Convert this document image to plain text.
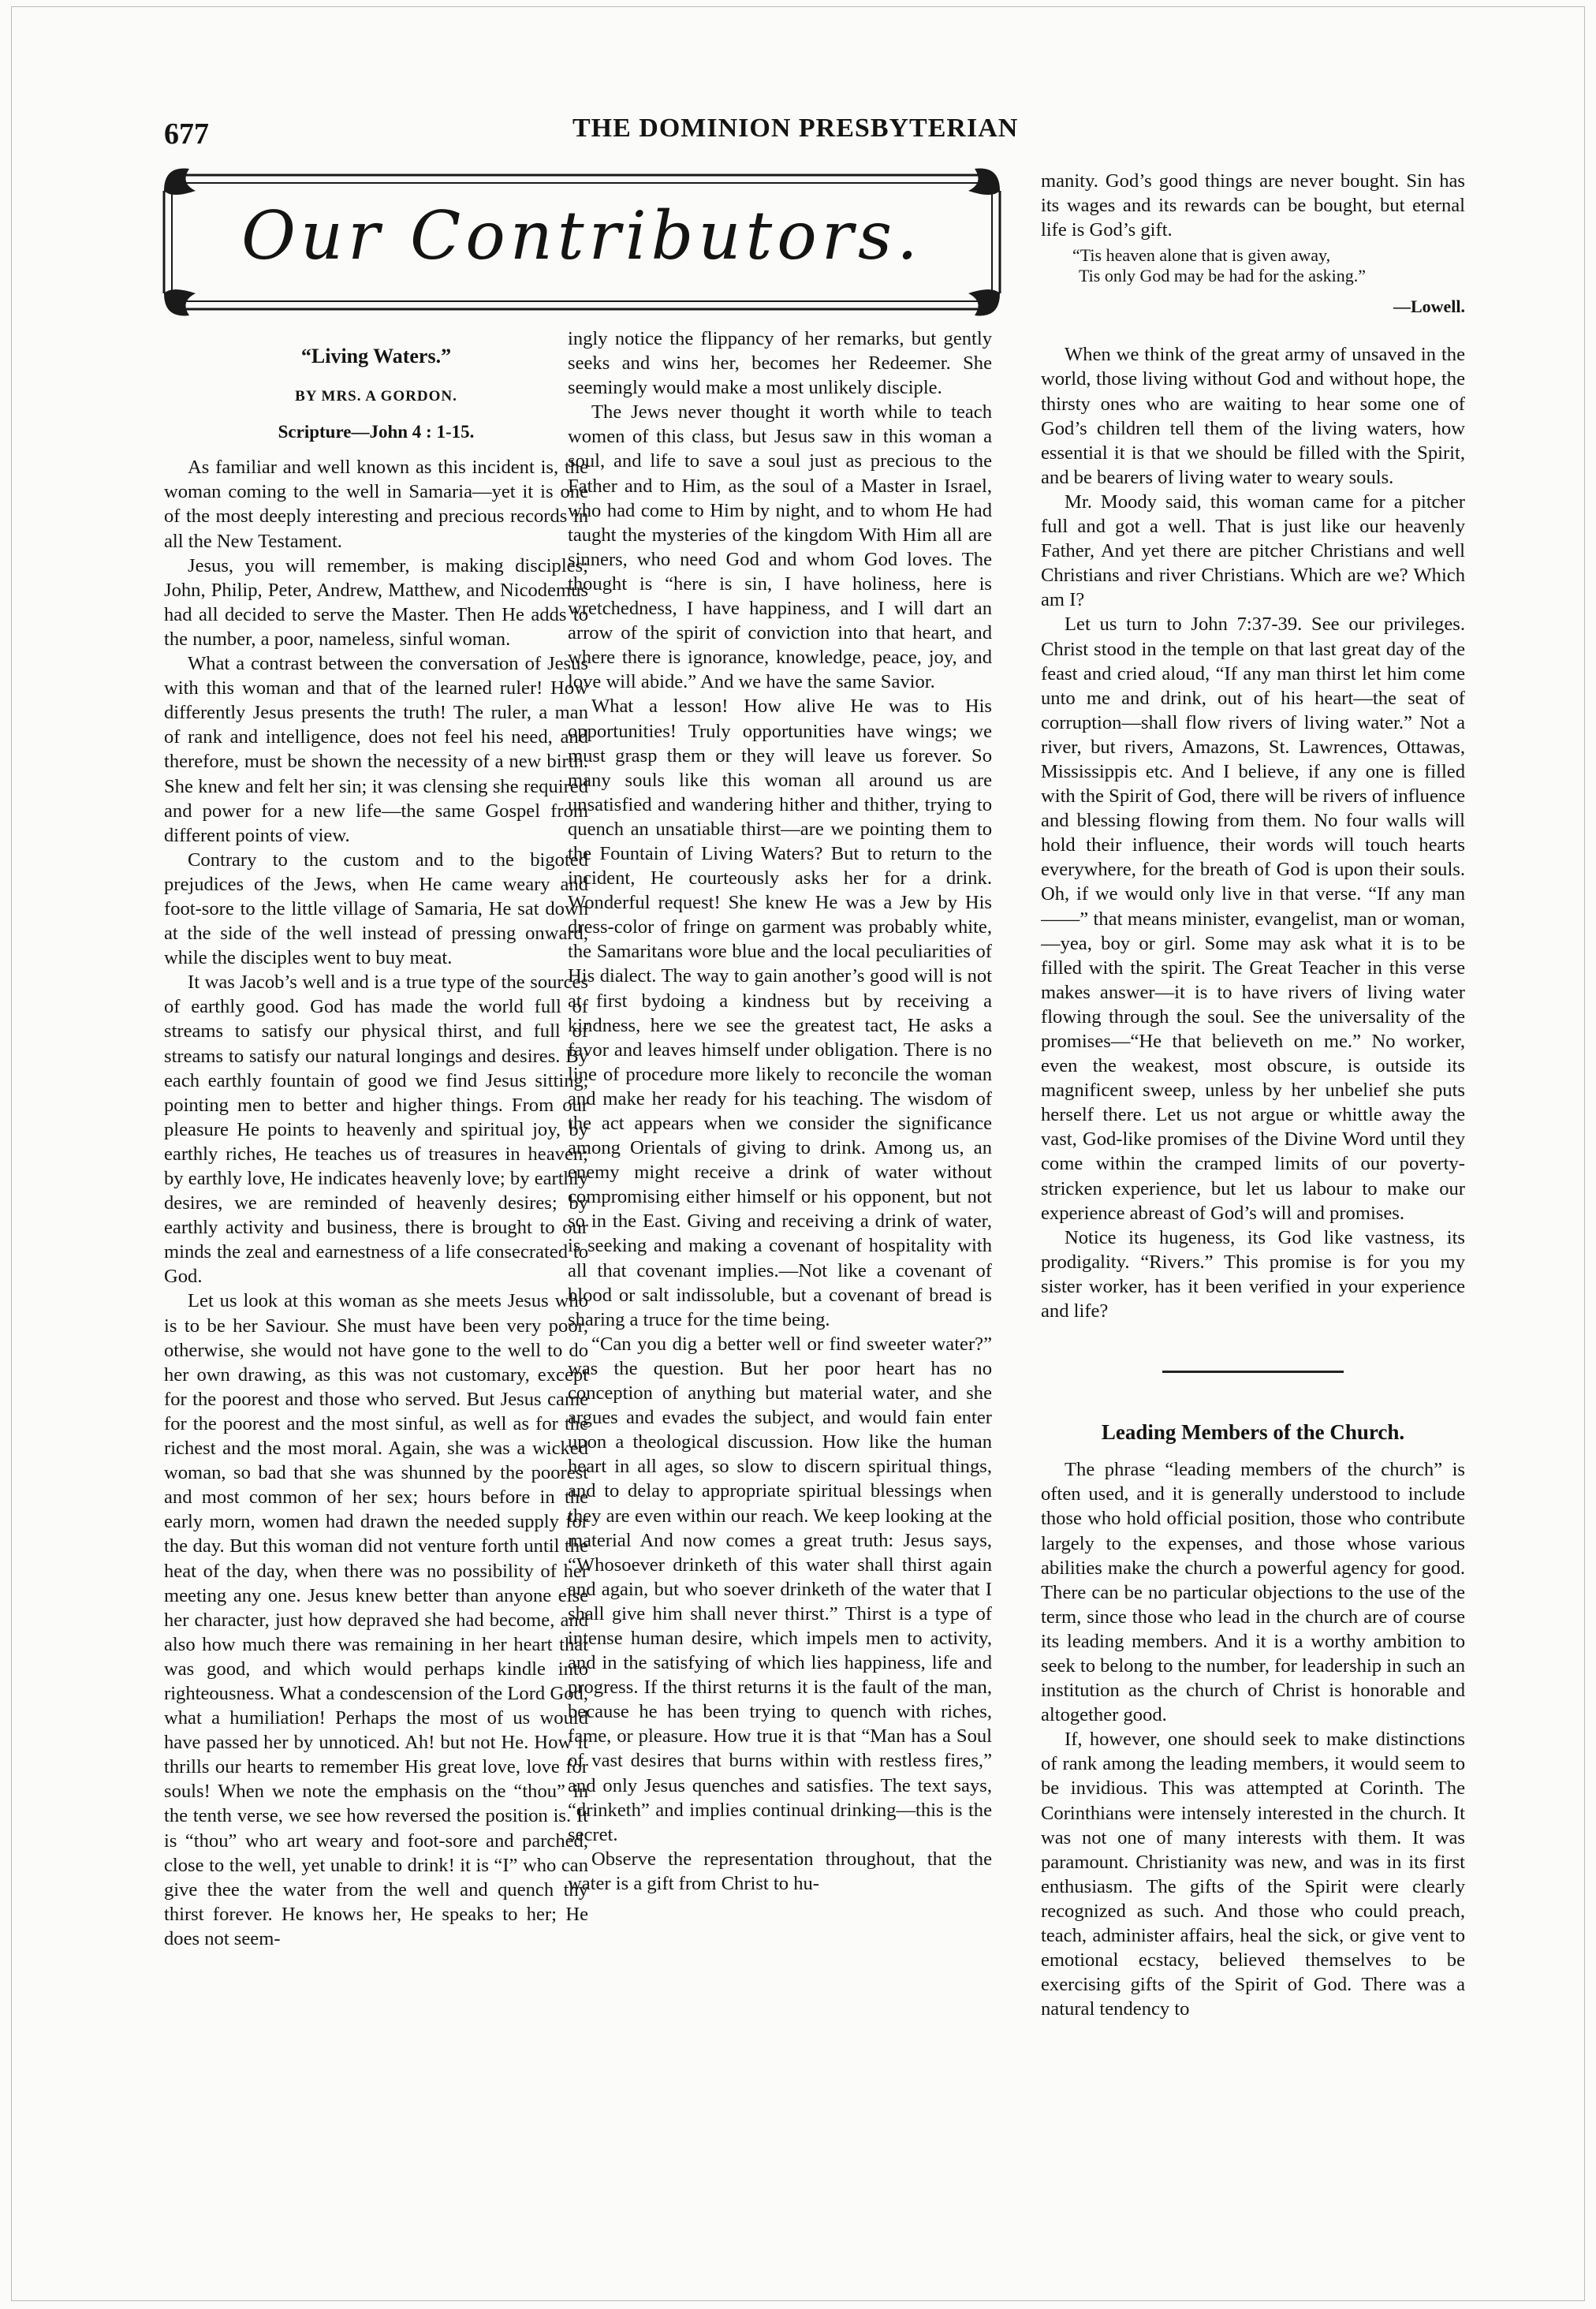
677	THE DOMINION PRESBYTERIAN
Our Contributors.
“Living Waters.”
BY MRS. A GORDON.
Scripture—John 4 : 1-15.

As familiar and well known as this incident is, the woman coming to the well in Samaria—yet it is one of the most deeply interesting and precious records in all the New Testament.

Jesus, you will remember, is making disciples; John, Philip, Peter, Andrew, Matthew, and Nicodemus had all decided to serve the Master. Then He adds to the number, a poor, nameless, sinful woman.

What a contrast between the conversation of Jesus with this woman and that of the learned ruler! How differently Jesus presents the truth! The ruler, a man of rank and intelligence, does not feel his need, and therefore, must be shown the necessity of a new birth. She knew and felt her sin; it was clensing she required and power for a new life—the same Gospel from different points of view.

Contrary to the custom and to the bigoted prejudices of the Jews, when He came weary and foot-sore to the little village of Samaria, He sat down at the side of the well instead of pressing onward, while the disciples went to buy meat.

It was Jacob’s well and is a true type of the sources of earthly good. God has made the world full of streams to satisfy our physical thirst, and full of streams to satisfy our natural longings and desires. By each earthly fountain of good we find Jesus sitting, pointing men to better and higher things. From our pleasure He points to heavenly and spiritual joy, by earthly riches, He teaches us of treasures in heaven; by earthly love, He indicates heavenly love; by earthly desires, we are reminded of heavenly desires; by earthly activity and business, there is brought to our minds the zeal and earnestness of a life consecrated to God.

Let us look at this woman as she meets Jesus who is to be her Saviour. She must have been very poor, otherwise, she would not have gone to the well to do her own drawing, as this was not customary, except for the poorest and those who served. But Jesus came for the poorest and the most sinful, as well as for the richest and the most moral. Again, she was a wicked woman, so bad that she was shunned by the poorest and most common of her sex; hours before in the early morn, women had drawn the needed supply for the day. But this woman did not venture forth until the heat of the day, when there was no possibility of her meeting any one. Jesus knew better than anyone else her character, just how depraved she had become, and also how much there was remaining in her heart that was good, and which would perhaps kindle into righteousness. What a condescension of the Lord God, what a humiliation! Perhaps the most of us would have passed her by unnoticed. Ah! but not He. How it thrills our hearts to remember His great love, love for souls! When we note the emphasis on the “thou” in the tenth verse, we see how reversed the position is. It is “thou” who art weary and foot-sore and parched, close to the well, yet unable to drink! it is “I” who can give thee the water from the well and quench thy thirst forever. He knows her, He speaks to her; He does not seem-

ingly notice the flippancy of her remarks, but gently seeks and wins her, becomes her Redeemer. She seemingly would make a most unlikely disciple.

The Jews never thought it worth while to teach women of this class, but Jesus saw in this woman a soul, and life to save a soul just as precious to the Father and to Him, as the soul of a Master in Israel, who had come to Him by night, and to whom He had taught the mysteries of the kingdom With Him all are sinners, who need God and whom God loves. The thought is “here is sin, I have holiness, here is wretchedness, I have happiness, and I will dart an arrow of the spirit of conviction into that heart, and where there is ignorance, knowledge, peace, joy, and love will abide.” And we have the same Savior.

What a lesson! How alive He was to His opportunities! Truly opportunities have wings; we must grasp them or they will leave us forever. So many souls like this woman all around us are unsatisfied and wandering hither and thither, trying to quench an unsatiable thirst—are we pointing them to the Fountain of Living Waters? But to return to the incident, He courteously asks her for a drink. Wonderful request! She knew He was a Jew by His dress-color of fringe on garment was probably white, the Samaritans wore blue and the local peculiarities of His dialect. The way to gain another’s good will is not at first bydoing a kindness but by receiving a kindness, here we see the greatest tact, He asks a favor and leaves himself under obligation. There is no line of procedure more likely to reconcile the woman and make her ready for his teaching. The wisdom of the act appears when we consider the significance among Orientals of giving to drink. Among us, an enemy might receive a drink of water without compromising either himself or his opponent, but not so in the East. Giving and receiving a drink of water, is seeking and making a covenant of hospitality with all that covenant implies.—Not like a covenant of blood or salt indissoluble, but a covenant of bread is sharing a truce for the time being.

“Can you dig a better well or find sweeter water?” was the question. But her poor heart has no conception of anything but material water, and she argues and evades the subject, and would fain enter upon a theological discussion. How like the human heart in all ages, so slow to discern spiritual things, and to delay to appropriate spiritual blessings when they are even within our reach. We keep looking at the material And now comes a great truth: Jesus says, “Whosoever drinketh of this water shall thirst again and again, but who soever drinketh of the water that I shall give him shall never thirst.” Thirst is a type of intense human desire, which impels men to activity, and in the satisfying of which lies happiness, life and progress. If the thirst returns it is the fault of the man, because he has been trying to quench with riches, fame, or pleasure. How true it is that “Man has a Soul of vast desires that burns within with restless fires,” and only Jesus quenches and satisfies. The text says, “drinketh” and implies continual drinking—this is the secret.

Observe the representation throughout, that the water is a gift from Christ to hu-

manity. God’s good things are never bought. Sin has its wages and its rewards can be bought, but eternal life is God’s gift.

“Tis heaven alone that is given away,
Tis only God may be had for the asking.”
—Lowell.

When we think of the great army of unsaved in the world, those living without God and without hope, the thirsty ones who are waiting to hear some one of God’s children tell them of the living waters, how essential it is that we should be filled with the Spirit, and be bearers of living water to weary souls.

Mr. Moody said, this woman came for a pitcher full and got a well. That is just like our heavenly Father, And yet there are pitcher Christians and well Christians and river Christians. Which are we? Which am I?

Let us turn to John 7:37-39. See our privileges. Christ stood in the temple on that last great day of the feast and cried aloud, “If any man thirst let him come unto me and drink, out of his heart—the seat of corruption—shall flow rivers of living water.” Not a river, but rivers, Amazons, St. Lawrences, Ottawas, Mississippis etc. And I believe, if any one is filled with the Spirit of God, there will be rivers of influence and blessing flowing from them. No four walls will hold their influence, their words will touch hearts everywhere, for the breath of God is upon their souls. Oh, if we would only live in that verse. “If any man——” that means minister, evangelist, man or woman,—yea, boy or girl. Some may ask what it is to be filled with the spirit. The Great Teacher in this verse makes answer—it is to have rivers of living water flowing through the soul. See the universality of the promises—“He that believeth on me.” No worker, even the weakest, most obscure, is outside its magnificent sweep, unless by her unbelief she puts herself there. Let us not argue or whittle away the vast, God-like promises of the Divine Word until they come within the cramped limits of our poverty-stricken experience, but let us labour to make our experience abreast of God’s will and promises.

Notice its hugeness, its God like vastness, its prodigality. “Rivers.” This promise is for you my sister worker, has it been verified in your experience and life?

Leading Members of the Church.

The phrase “leading members of the church” is often used, and it is generally understood to include those who hold official position, those who contribute largely to the expenses, and those whose various abilities make the church a powerful agency for good. There can be no particular objections to the use of the term, since those who lead in the church are of course its leading members. And it is a worthy ambition to seek to belong to the number, for leadership in such an institution as the church of Christ is honorable and altogether good.

If, however, one should seek to make distinctions of rank among the leading members, it would seem to be invidious. This was attempted at Corinth. The Corinthians were intensely interested in the church. It was not one of many interests with them. It was paramount. Christianity was new, and was in its first enthusiasm. The gifts of the Spirit were clearly recognized as such. And those who could preach, teach, administer affairs, heal the sick, or give vent to emotional ecstacy, believed themselves to be exercising gifts of the Spirit of God. There was a natural tendency to
